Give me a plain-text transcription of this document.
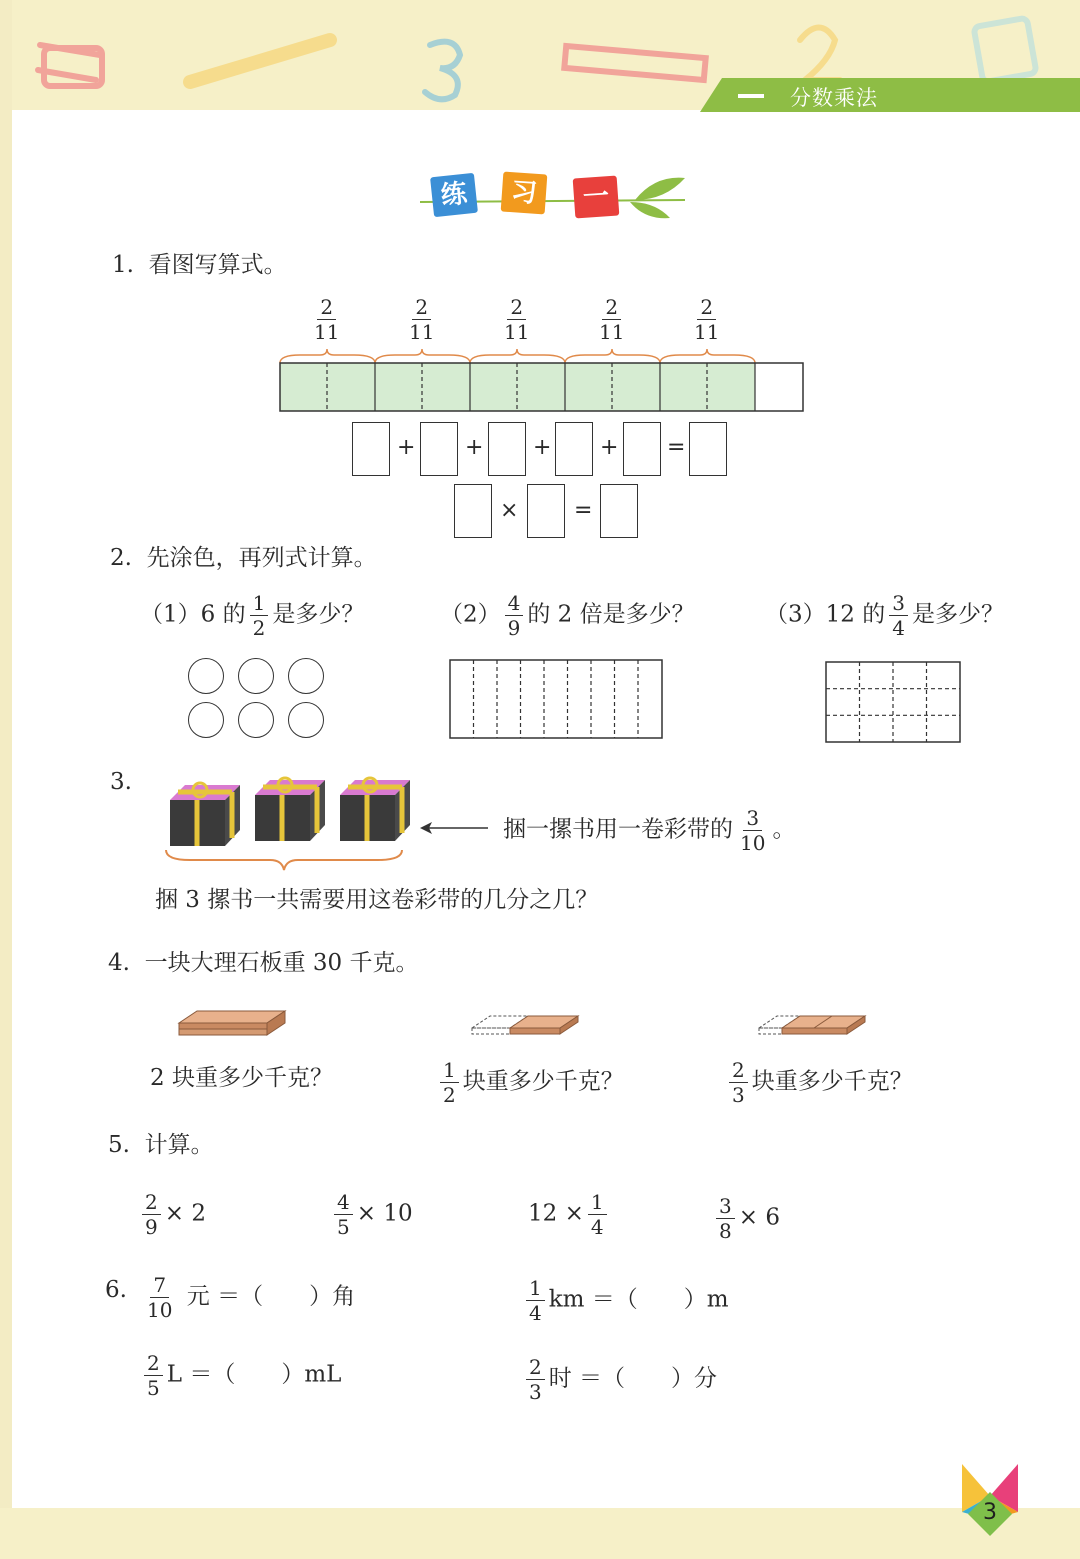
分数乘法
练	习	一
1. 看图写算式。
$\frac{2}{11}$	$\frac{2}{11}$	$\frac{2}{11}$	$\frac{2}{11}$	$\frac{2}{11}$
+ + + + =
×	=
2. 先涂色，再列式计算。
（1）6 的 $\frac{1}{2}$ 是多少？	$(2) \frac{4}{9}$ 的 2 倍是多少？	（3）12 的 $\frac{3}{4}$ 是多少？
3.
捆一摞书用一卷彩带的 $\frac{3}{10}$ 。
捆 3 摞书一共需要用这卷彩带的几分之几？
4. 一块大理石板重 30 千克。
2 块重多少千克？	$\frac{1}{2}$ 块重多少千克？	$\frac{2}{3}$ 块重多少千克？
5. 计算。
$\frac{2}{9} \times 2$	$\frac{4}{5} \times 10$	$12 \times \frac{1}{4}$	$\frac{3}{8} \times 6$
6. $\frac{7}{10}$ 元 ＝（　　）角	$\frac{1}{4}$ km ＝（　　）m
$\frac{2}{5}$ L ＝（　　）mL	$\frac{2}{3}$ 时 ＝（　　）分
3
